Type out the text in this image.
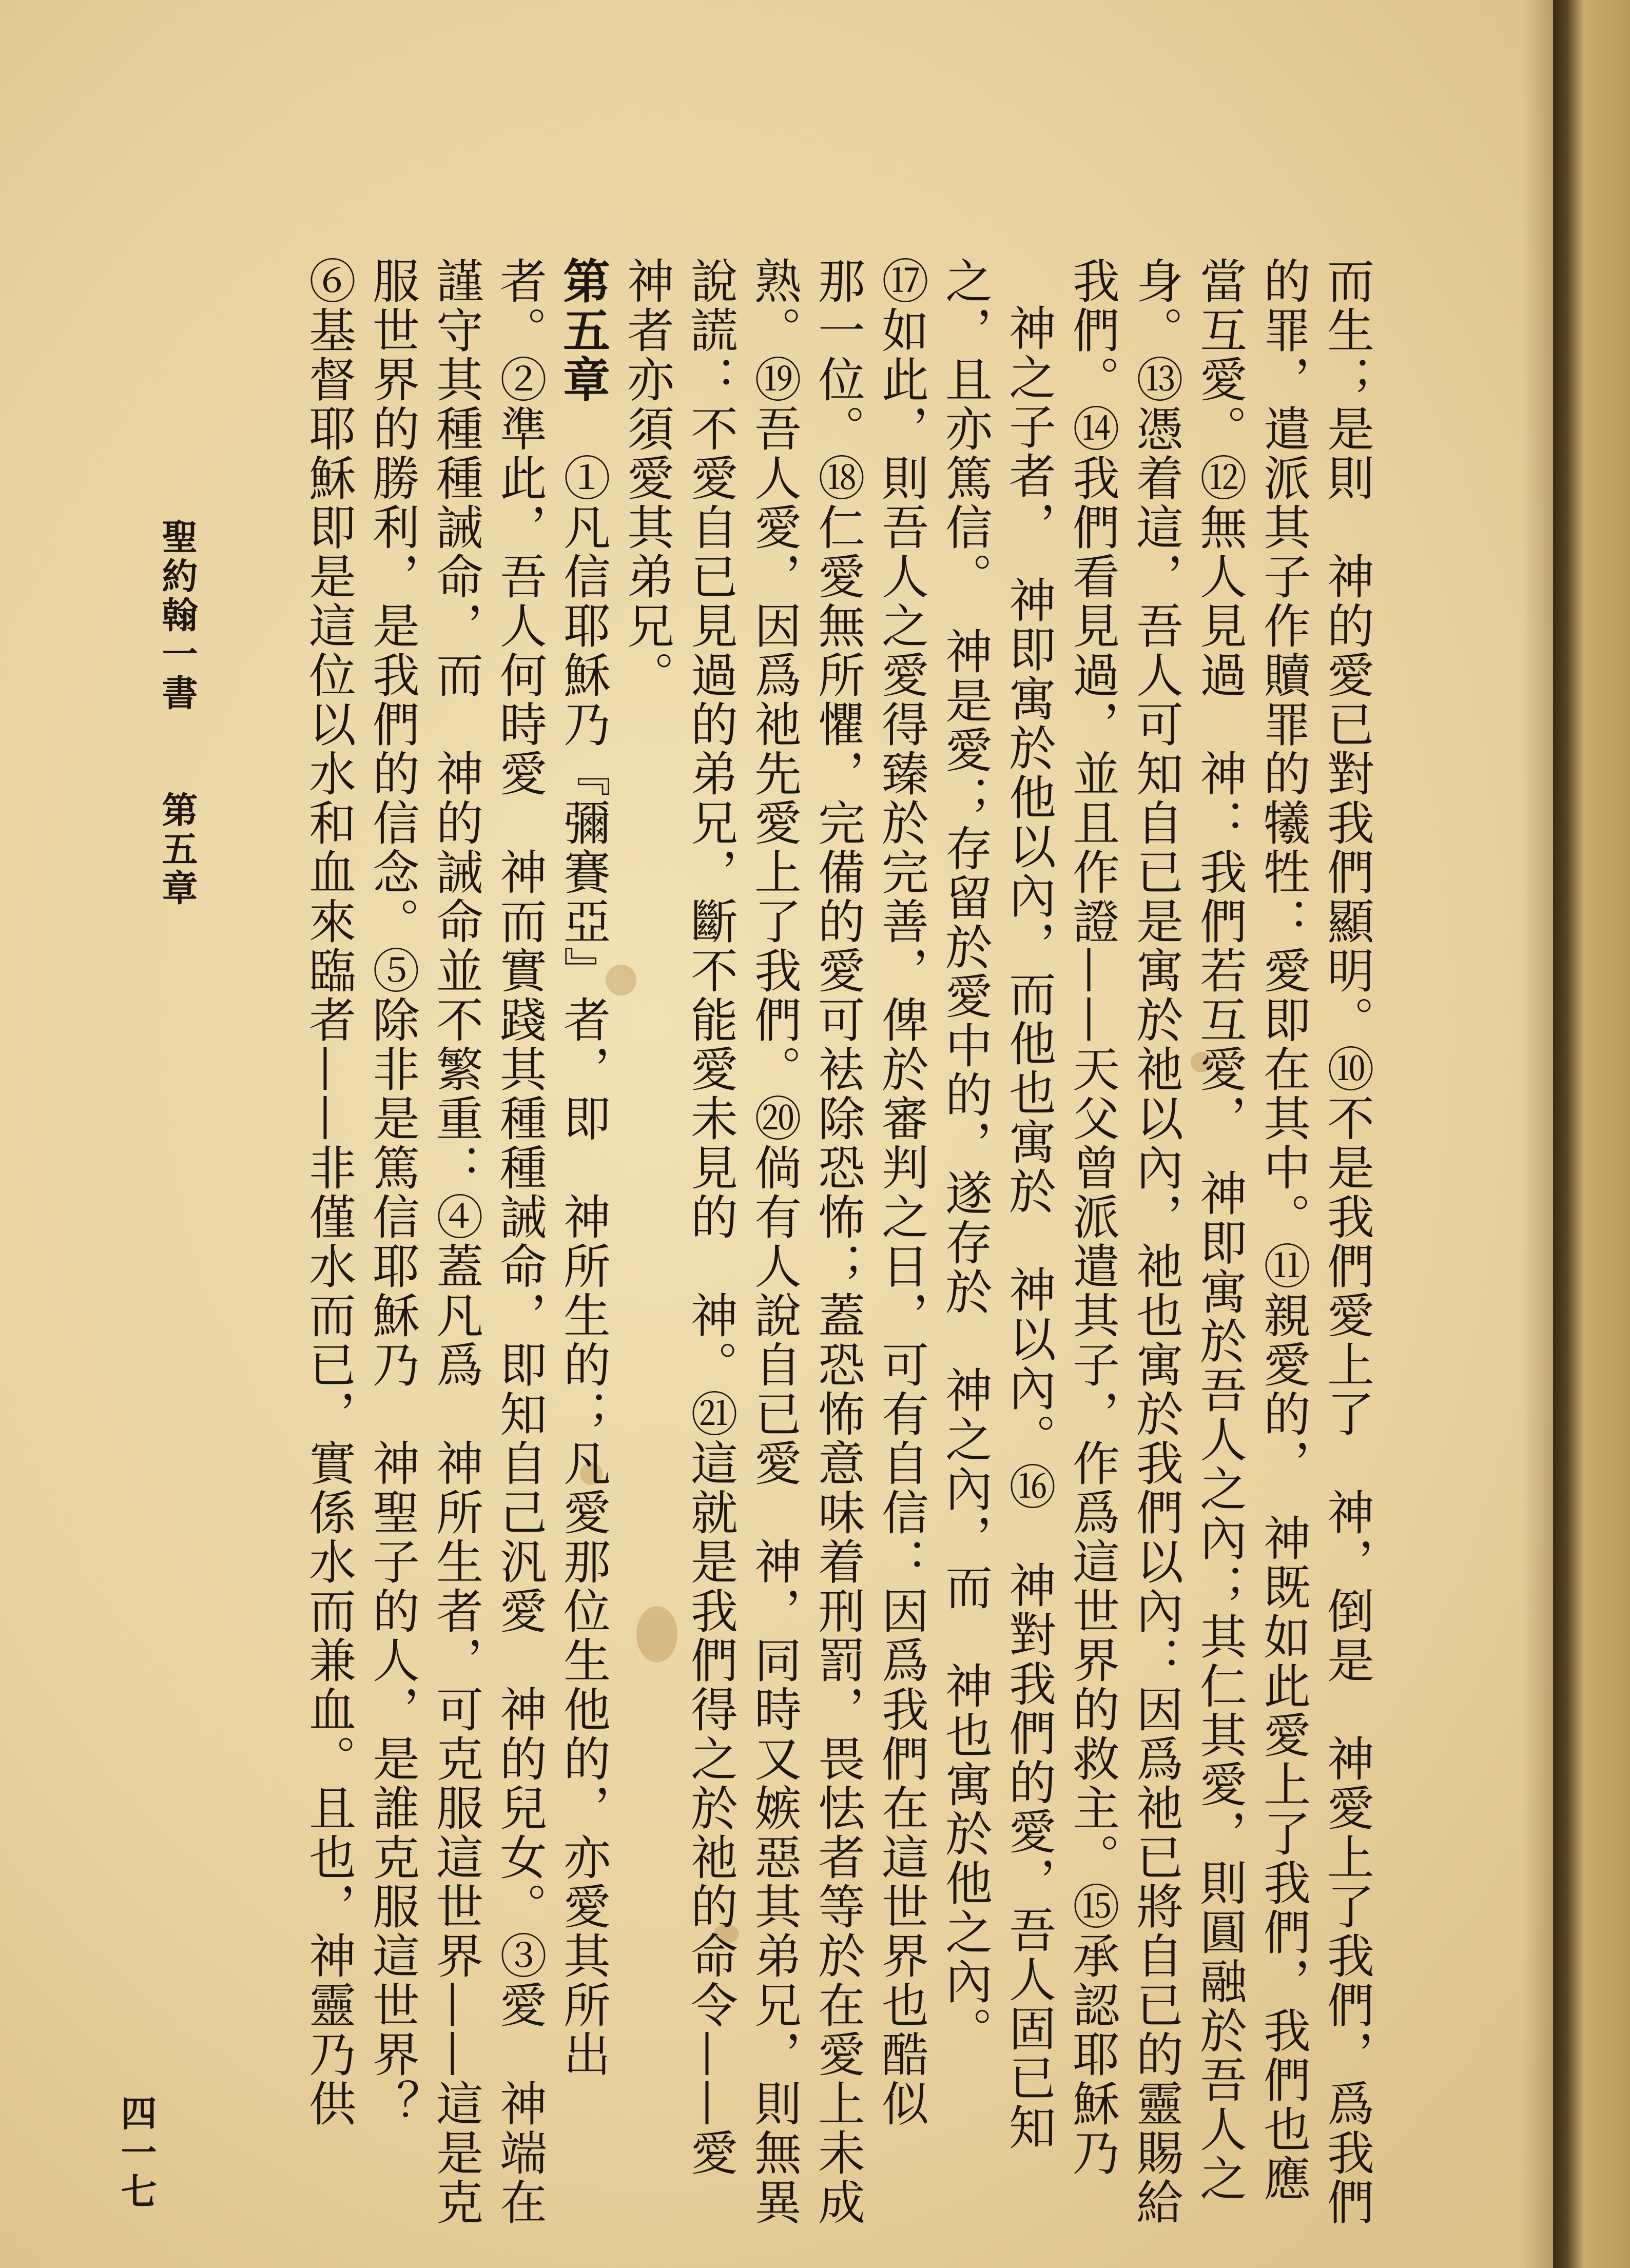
而生；是則　神的愛已對我們顯明。⑩不是我們愛上了　神，倒是　神愛上了我們，爲我們
的罪，遣派其子作贖罪的犧牲：愛即在其中。⑪親愛的，　神既如此愛上了我們，我們也應
當互愛。⑫無人見過　神：我們若互愛，　神即寓於吾人之內；其仁其愛，則圓融於吾人之
身。⑬憑着這，吾人可知自已是寓於祂以內，祂也寓於我們以內：因爲祂已將自已的靈賜給
我們。⑭我們看見過，並且作證——天父曾派遣其子，作爲這世界的救主。⑮承認耶穌乃
神之子者，　神即寓於他以內，而他也寓於　神以內。⑯　神對我們的愛，吾人固已知
之，且亦篤信。　神是愛；存留於愛中的，遂存於　神之內，而　神也寓於他之內。
⑰如此，則吾人之愛得臻於完善，俾於審判之日，可有自信：因爲我們在這世界也酷似
那一位。⑱仁愛無所懼，完備的愛可袪除恐怖；蓋恐怖意味着刑罰，畏怯者等於在愛上未成
熟。⑲吾人愛，因爲祂先愛上了我們。⑳倘有人說自已愛　神，同時又嫉惡其弟兄，則無異
說謊：不愛自已見過的弟兄，斷不能愛未見的　神。㉑這就是我們得之於祂的命令——愛
神者亦須愛其弟兄。
第五章　①凡信耶穌乃『彌賽亞』者，即　神所生的；凡愛那位生他的，亦愛其所出
者。②準此，吾人何時愛　神而實踐其種種誡命，即知自己汎愛　神的兒女。③愛　神端在
謹守其種種誡命，而　神的誡命並不繁重：④蓋凡爲　神所生者，可克服這世界——這是克
服世界的勝利，是我們的信念。⑤除非是篤信耶穌乃　神聖子的人，是誰克服這世界？
⑥基督耶穌即是這位以水和血來臨者——非僅水而已，實係水而兼血。且也，神靈乃供
聖約翰一書　　第五章
四一七
